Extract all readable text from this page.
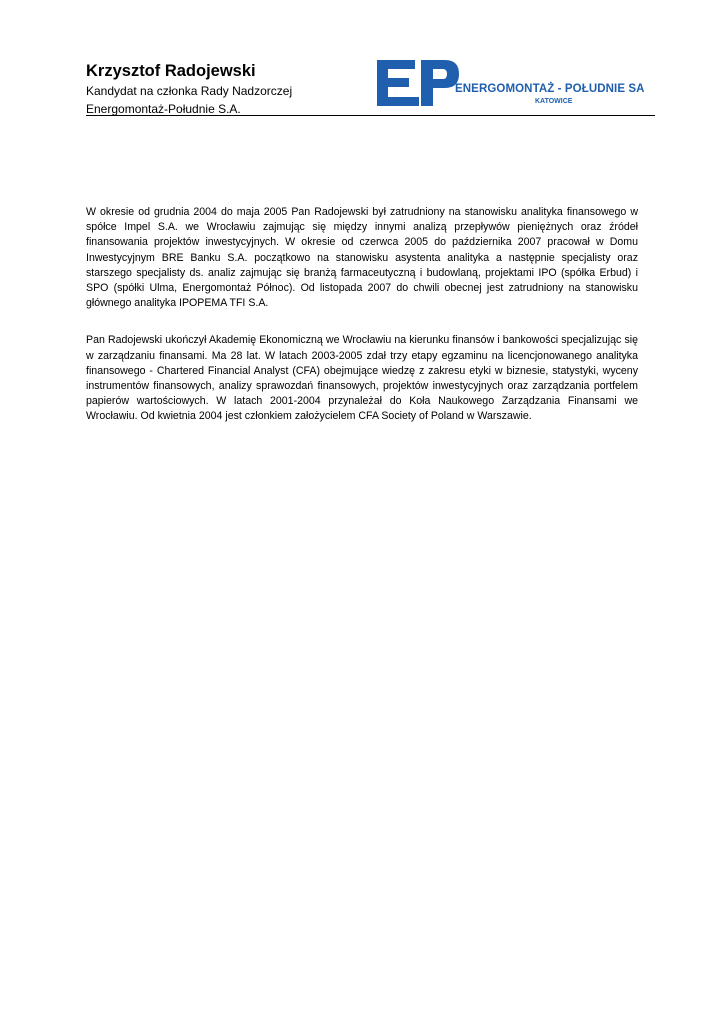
Krzysztof Radojewski

Kandydat na członka Rady Nadzorczej

Energomontaż-Południe S.A.

ENERGOMONTAŻ - POŁUDNIE SA
KATOWICE

W okresie od grudnia 2004 do maja 2005 Pan Radojewski był zatrudniony na stanowisku analityka finansowego w spółce Impel S.A. we Wrocławiu zajmując się między innymi analizą przepływów pieniężnych oraz źródeł finansowania projektów inwestycyjnych. W okresie od czerwca 2005 do października 2007 pracował w Domu Inwestycyjnym BRE Banku S.A. początkowo na stanowisku asystenta analityka a następnie specjalisty oraz starszego specjalisty ds. analiz zajmując się branżą farmaceutyczną i budowlaną, projektami IPO (spółka Erbud) i SPO (spółki Ulma, Energomontaż Północ). Od listopada 2007 do chwili obecnej jest zatrudniony na stanowisku głównego analityka IPOPEMA TFI S.A.

Pan Radojewski ukończył Akademię Ekonomiczną we Wrocławiu na kierunku finansów i bankowości specjalizując się w zarządzaniu finansami. Ma 28 lat. W latach 2003-2005 zdał trzy etapy egzaminu na licencjonowanego analityka finansowego - Chartered Financial Analyst (CFA) obejmujące wiedzę z zakresu etyki w biznesie, statystyki, wyceny instrumentów finansowych, analizy sprawozdań finansowych, projektów inwestycyjnych oraz zarządzania portfelem papierów wartościowych. W latach 2001-2004 przynależał do Koła Naukowego Zarządzania Finansami we Wrocławiu. Od kwietnia 2004 jest członkiem założycielem CFA Society of Poland w Warszawie.
